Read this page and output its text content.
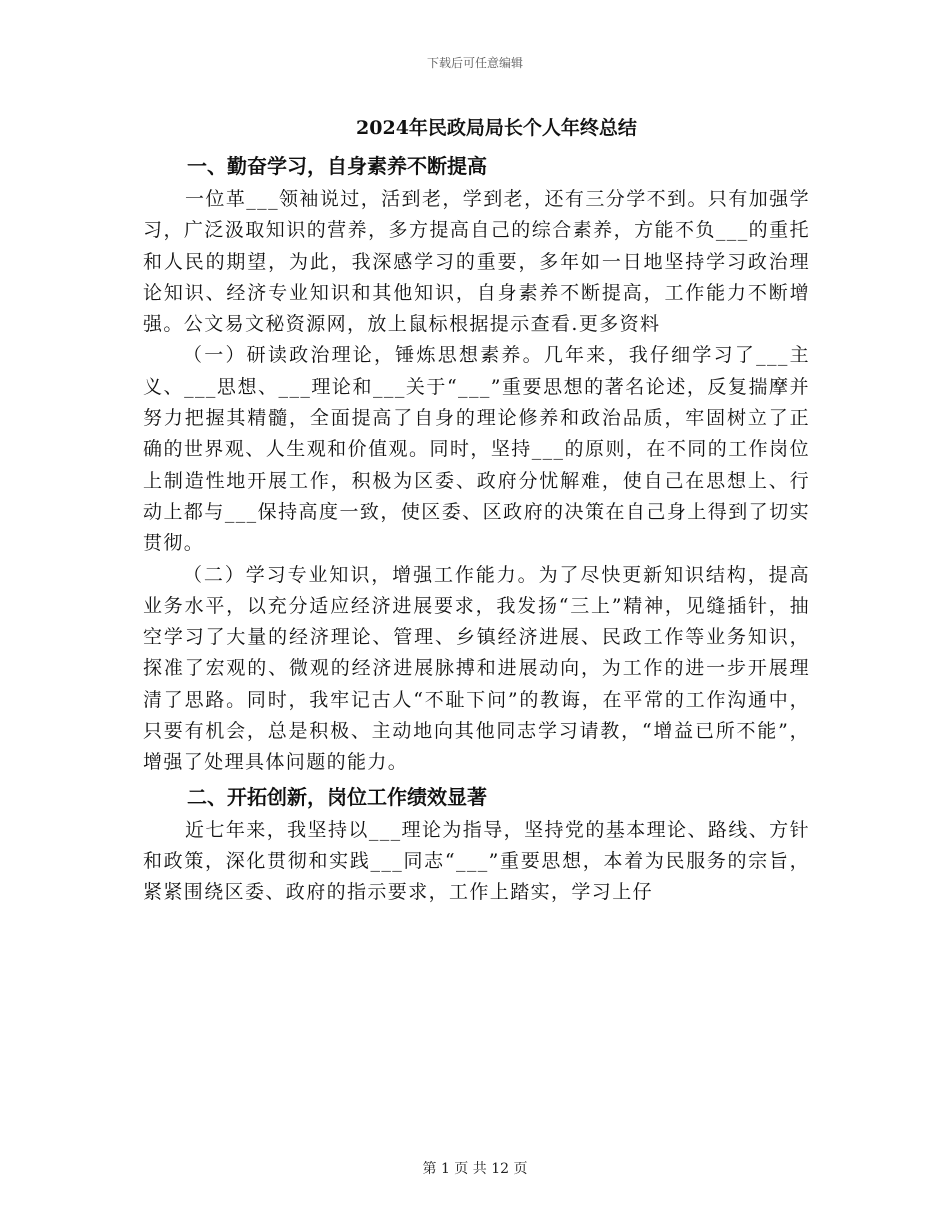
下载后可任意编辑
2024年民政局局长个人年终总结
一、勤奋学习，自身素养不断提高

一位革___领袖说过，活到老，学到老，还有三分学不到。只有加强学习，广泛汲取知识的营养，多方提高自己的综合素养，方能不负___的重托和人民的期望，为此，我深感学习的重要，多年如一日地坚持学习政治理论知识、经济专业知识和其他知识，自身素养不断提高，工作能力不断增强。公文易文秘资源网，放上鼠标根据提示查看.更多资料

（一）研读政治理论，锤炼思想素养。几年来，我仔细学习了___主义、___思想、___理论和___关于“___”重要思想的著名论述，反复揣摩并努力把握其精髓，全面提高了自身的理论修养和政治品质，牢固树立了正确的世界观、人生观和价值观。同时，坚持___的原则，在不同的工作岗位上制造性地开展工作，积极为区委、政府分忧解难，使自己在思想上、行动上都与___保持高度一致，使区委、区政府的决策在自己身上得到了切实贯彻。

（二）学习专业知识，增强工作能力。为了尽快更新知识结构，提高业务水平，以充分适应经济进展要求，我发扬“三上”精神，见缝插针，抽空学习了大量的经济理论、管理、乡镇经济进展、民政工作等业务知识，探准了宏观的、微观的经济进展脉搏和进展动向，为工作的进一步开展理清了思路。同时，我牢记古人“不耻下问”的教诲，在平常的工作沟通中，只要有机会，总是积极、主动地向其他同志学习请教，“增益已所不能”，增强了处理具体问题的能力。

二、开拓创新，岗位工作绩效显著

近七年来，我坚持以___理论为指导，坚持党的基本理论、路线、方针和政策，深化贯彻和实践___同志“___”重要思想，本着为民服务的宗旨，紧紧围绕区委、政府的指示要求，工作上踏实，学习上仔

第 1 页 共 12 页
